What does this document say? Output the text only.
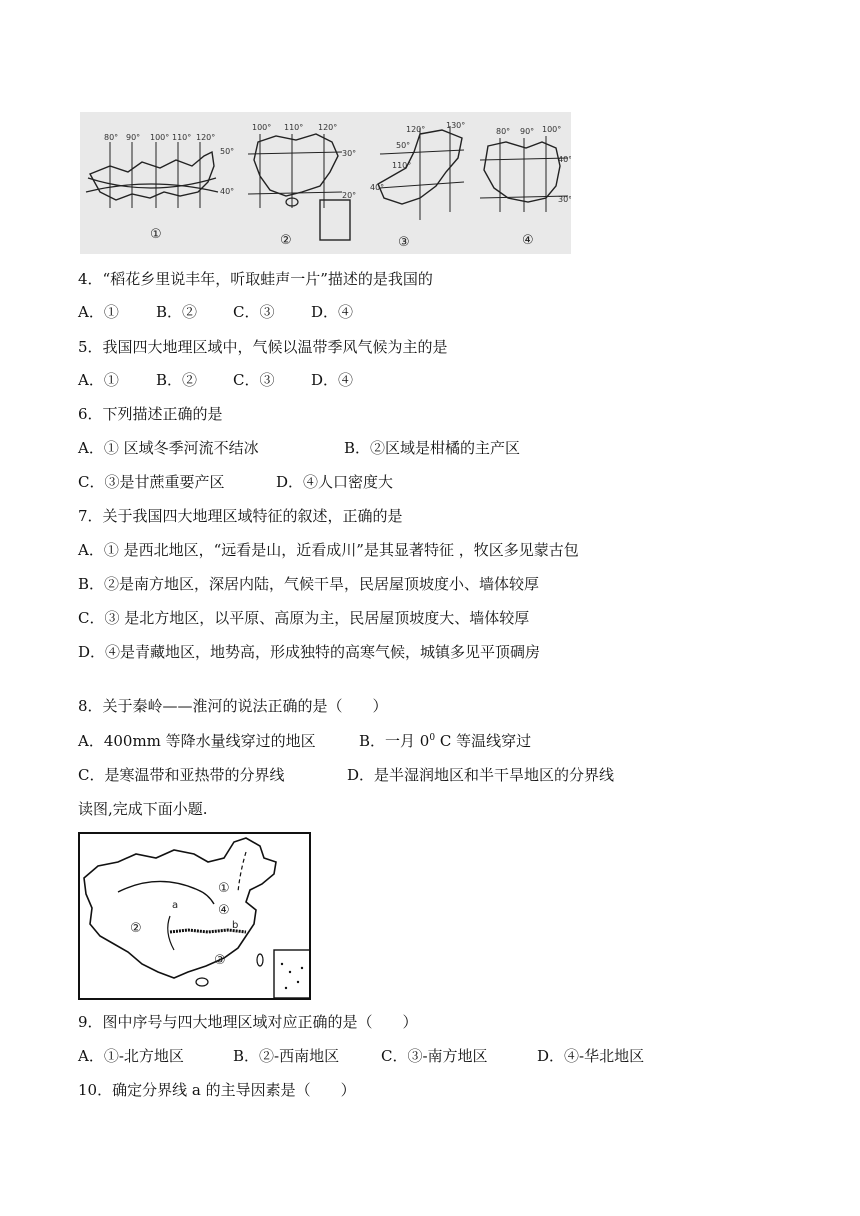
80° 90° 100° 110° 120°
50°
40°
①
100° 110° 120°
30°
20°
②
120°	130°
50°
110°
40°
③
80° 90° 100°
40°
30°
④
4．“稻花乡里说丰年，听取蛙声一片”描述的是我国的
A．① B．② C．③ D．④
5．我国四大地理区域中，气候以温带季风气候为主的是
A．① B．② C．③ D．④
6．下列描述正确的是
A．① 区域冬季河流不结冰	B．②区域是柑橘的主产区
C．③是甘蔗重要产区	D．④人口密度大
7．关于我国四大地理区域特征的叙述，正确的是
A．① 是西北地区，“远看是山，近看成川”是其显著特征 ，牧区多见蒙古包
B．②是南方地区，深居内陆，气候干旱，民居屋顶坡度小、墙体较厚
C．③ 是北方地区，以平原、高原为主，民居屋顶坡度大、墙体较厚
D．④是青藏地区，地势高，形成独特的高寒气候，城镇多见平顶碉房
8．关于秦岭——淮河的说法正确的是（　　）
A．400mm 等降水量线穿过的地区	B．一月 $0^0$ C 等温线穿过
C．是寒温带和亚热带的分界线	D．是半湿润地区和半干旱地区的分界线
读图,完成下面小题.
①
②
③
④
a
b
9．图中序号与四大地理区域对应正确的是（　　）
A．①-北方地区	B．②-西南地区	C．③-南方地区	D．④-华北地区
10．确定分界线 a 的主导因素是（　　）
